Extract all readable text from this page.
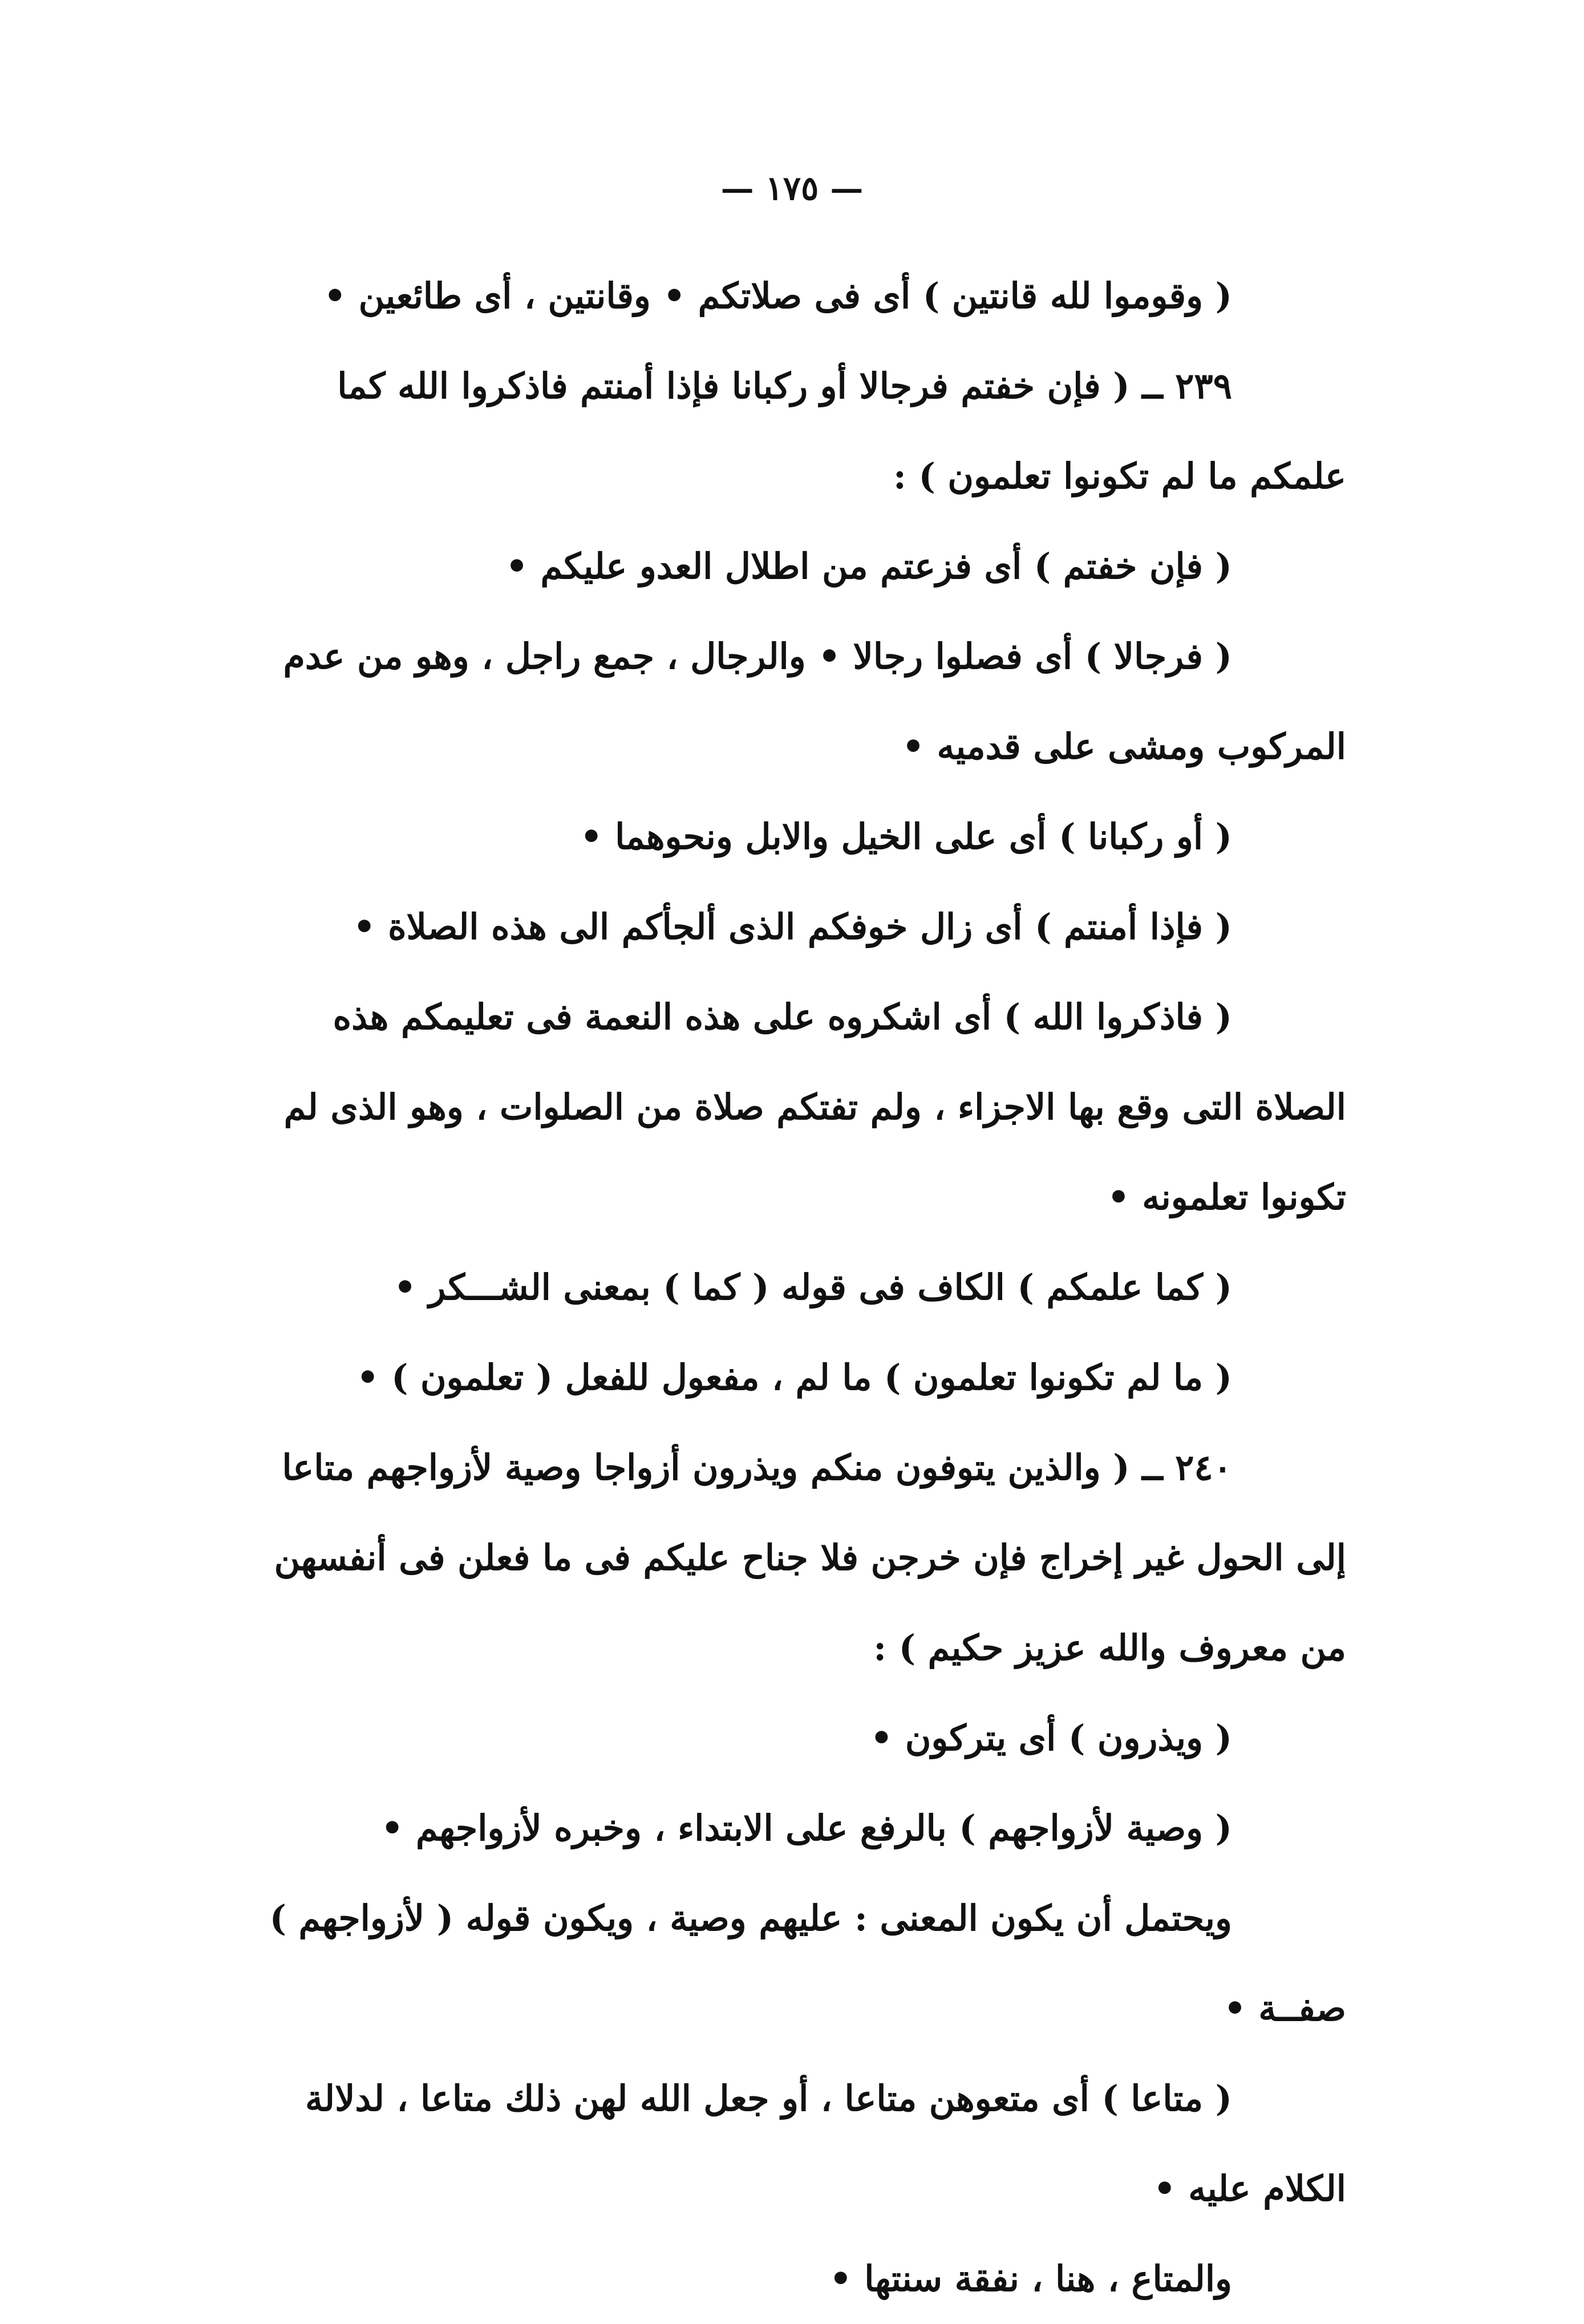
— ١٧٥ —

( وقوموا لله قانتين ) أى فى صلاتكم • وقانتين ، أى طائعين •

٢٣٩ ــ ( فإن خفتم فرجالا أو ركبانا فإذا أمنتم فاذكروا الله كما علمكم ما لم تكونوا تعلمون ) :

( فإن خفتم ) أى فزعتم من اطلال العدو عليكم •

( فرجالا ) أى فصلوا رجالا • والرجال ، جمع راجل ، وهو من عدم المركوب ومشى على قدميه •

( أو ركبانا ) أى على الخيل والابل ونحوهما •

( فإذا أمنتم ) أى زال خوفكم الذى ألجأكم الى هذه الصلاة •

( فاذكروا الله ) أى اشكروه على هذه النعمة فى تعليمكم هذه الصلاة التى وقع بها الاجزاء ، ولم تفتكم صلاة من الصلوات ، وهو الذى لم تكونوا تعلمونه •

( كما علمكم ) الكاف فى قوله ( كما ) بمعنى الشـــكر •

( ما لم تكونوا تعلمون ) ما لم ، مفعول للفعل ( تعلمون ) •

٢٤٠ ــ ( والذين يتوفون منكم ويذرون أزواجا وصية لأزواجهم متاعا إلى الحول غير إخراج فإن خرجن فلا جناح عليكم فى ما فعلن فى أنفسهن من معروف والله عزيز حكيم ) :

( ويذرون ) أى يتركون •

( وصية لأزواجهم ) بالرفع على الابتداء ، وخبره لأزواجهم •

ويحتمل أن يكون المعنى : عليهم وصية ، ويكون قوله ( لأزواجهم ) صفــة •

( متاعا ) أى متعوهن متاعا ، أو جعل الله لهن ذلك متاعا ، لدلالة الكلام عليه •

والمتاع ، هنا ، نفقة سنتها •
